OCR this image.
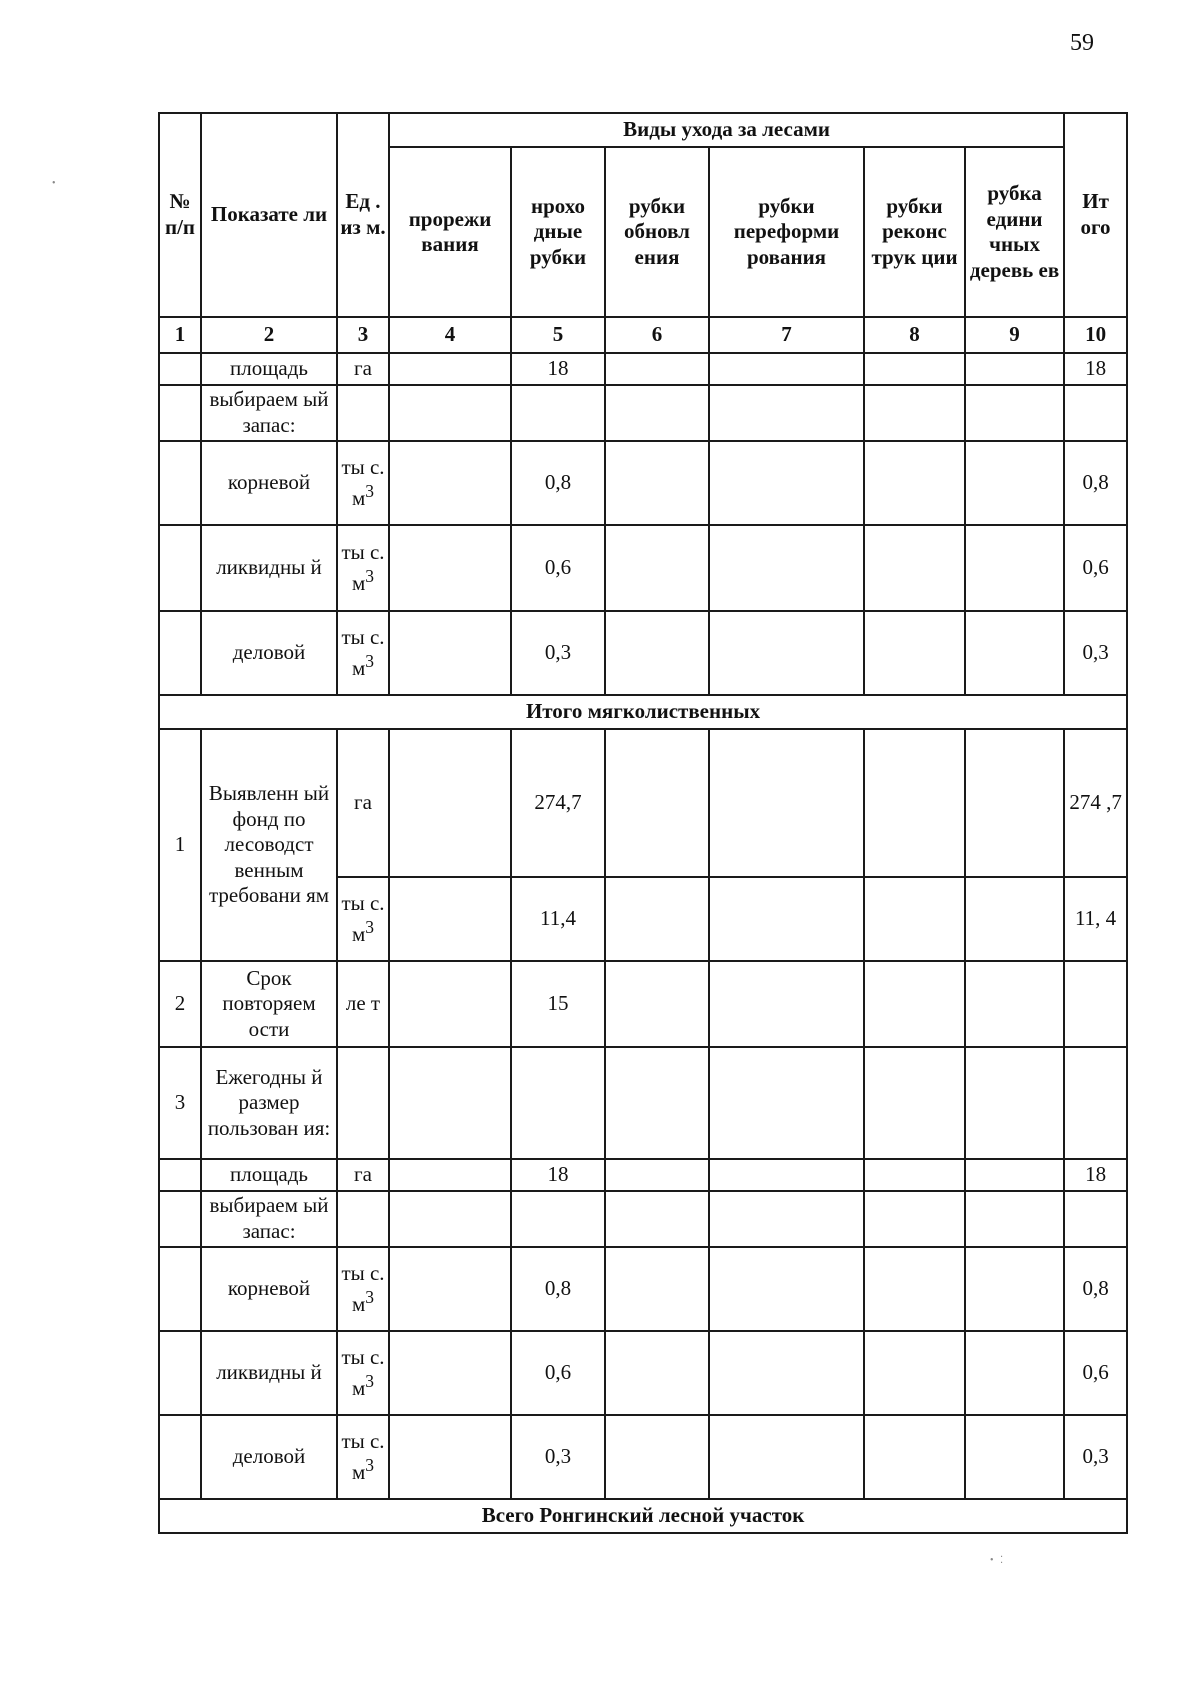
59
•
• ⁚
№ п/п	Показате ли	Ед . из м.	Виды ухода за лесами						Ит ого
			прорежи вания	нрохо дные рубки	рубки обновл ения	рубки переформи рования	рубки реконс трук ции	рубка едини чных деревь ев	
1	2	3	4	5	6	7	8	9	10
	площадь	га		18					18
	выбираем ый запас:								
	корневой	ты с. $м^3$		0,8					0,8
	ликвидны й	ты с. $м^3$		0,6					0,6
	деловой	ты с. $м^3$		0,3					0,3
Итого мягколиственных									
1	Выявленн ый фонд по лесоводст венным требовани ям	га		274,7					274 ,7
		ты с. $м^3$		11,4					11, 4
2	Срок повторяем ости	ле т		15					
3	Ежегодны й размер пользован ия:								
	площадь	га		18					18
	выбираем ый запас:								
	корневой	ты с. $м^3$		0,8					0,8
	ликвидны й	ты с. $м^3$		0,6					0,6
	деловой	ты с. $м^3$		0,3					0,3
Всего Ронгинский лесной участок									
